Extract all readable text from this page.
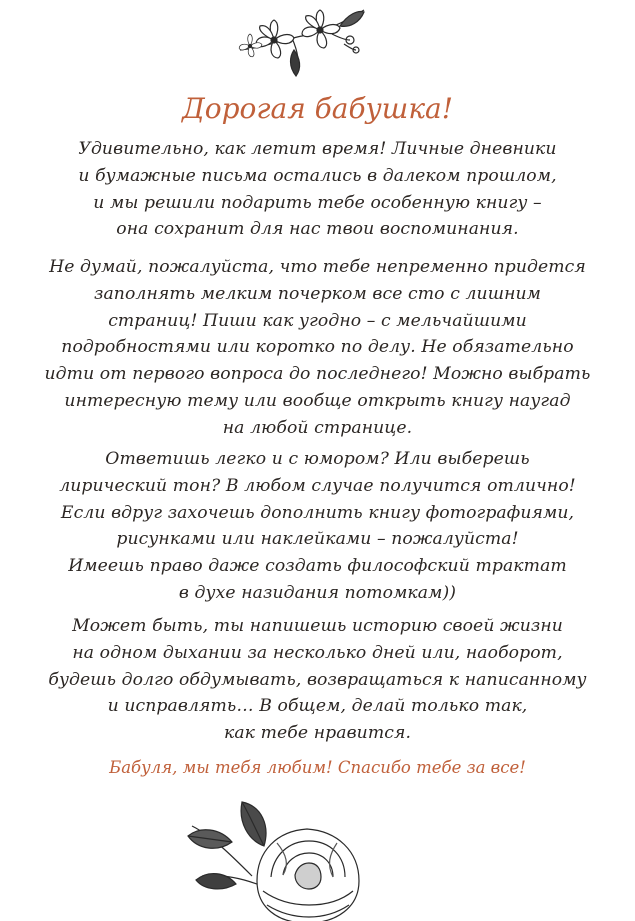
Дорогая бабушка!

Удивительно, как летит время! Личные дневники
и бумажные письма остались в далеком прошлом,
и мы решили подарить тебе особенную книгу –
она сохранит для нас твои воспоминания.

Не думай, пожалуйста, что тебе непременно придется
заполнять мелким почерком все сто с лишним
страниц! Пиши как угодно – с мельчайшими
подробностями или коротко по делу. Не обязательно
идти от первого вопроса до последнего! Можно выбрать
интересную тему или вообще открыть книгу наугад
на любой странице.

Ответишь легко и с юмором? Или выберешь
лирический тон? В любом случае получится отлично!
Если вдруг захочешь дополнить книгу фотографиями,
рисунками или наклейками – пожалуйста!
Имеешь право даже создать философский трактат
в духе назидания потомкам))

Может быть, ты напишешь историю своей жизни
на одном дыхании за несколько дней или, наоборот,
будешь долго обдумывать, возвращаться к написанному
и исправлять… В общем, делай только так,
как тебе нравится.

Бабуля, мы тебя любим! Спасибо тебе за все!
